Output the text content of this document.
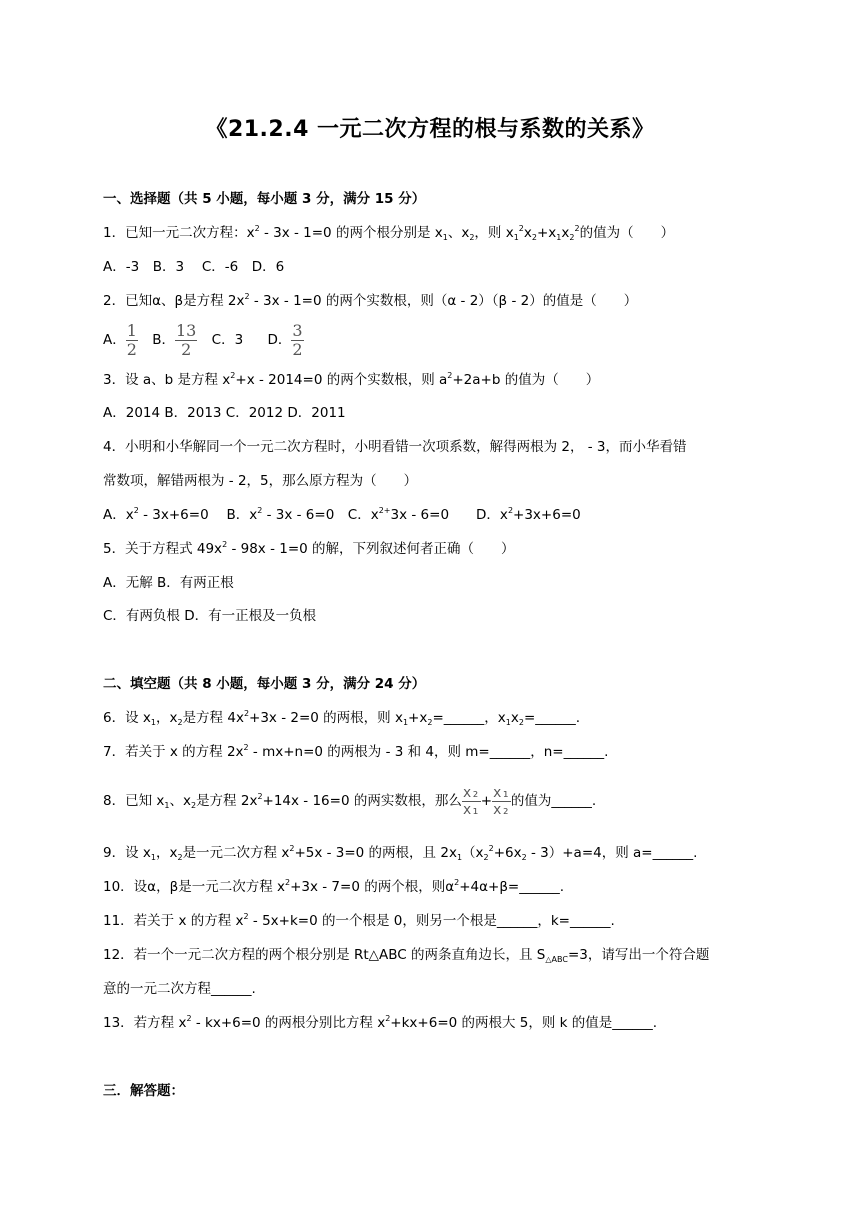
《21.2.4 一元二次方程的根与系数的关系》
一、选择题（共 5 小题，每小题 3 分，满分 15 分）
1．已知一元二次方程：$x^2 - 3x - 1=0$ 的两个根分别是 $x_1$、$x_2$，则 $x_1^2x_2+x_1x_2^2$的值为（　　）
A．-3　B．3　 C．-6　D．6
2．已知α、β是方程 $2x^2 - 3x - 1=0$ 的两个实数根，则（α - 2）（β - 2）的值是（　　）
A． $\frac{1}{2}$ B． $\frac{13}{2}$ C．3 D． $\frac{3}{2}$
3．设 a、b 是方程 $x^2+x - 2014=0$ 的两个实数根，则 $a^2+2a+b$ 的值为（　　）
A．2014 B．2013 C．2012 D．2011
4．小明和小华解同一个一元二次方程时，小明看错一次项系数，解得两根为 2， - 3，而小华看错
常数项，解错两根为 - 2，5，那么原方程为（　　）
A．$x^2 - 3x+6=0$　 B．$x^2 - 3x - 6=0$　C．$x^{2+}3x - 6=0$　　D．$x^2+3x+6=0$
5．关于方程式 $49x^2 - 98x - 1=0$ 的解，下列叙述何者正确（　　）
A．无解 B．有两正根
C．有两负根 D．有一正根及一负根
二、填空题（共 8 小题，每小题 3 分，满分 24 分）
6．设 $x_1$，$x_2$是方程 $4x^2+3x - 2=0$ 的两根，则 $x_1+x_2=\_\_\_\_\_\_$，$x_1x_2=\_\_\_\_\_\_$.
7．若关于 x 的方程 $2x^2 - mx+n=0$ 的两根为 - 3 和 4，则 m=______，n=______.
8．已知 $x_1$、$x_2$是方程 $2x^2+14x - 16=0$ 的两实数根，那么 $\frac{\text{x₂}}{\text{x₁}} + \frac{\text{x₁}}{\text{x₂}}$ 的值为______.
9．设 $x_1$，$x_2$是一元二次方程 $x^2+5x - 3=0$ 的两根，且 $2x_1(x_2^2+6x_2 - 3)+a=4$，则 a=______.
10．设α，β是一元二次方程 $x^2+3x - 7=0$ 的两个根，则$\alpha^2+4\alpha+\beta=\_\_\_\_\_\_$.
11．若关于 x 的方程 $x^2 - 5x+k=0$ 的一个根是 0，则另一个根是______，k=______.
12．若一个一元二次方程的两个根分别是 Rt△ABC 的两条直角边长，且 $S_{\triangle ABC}=3$，请写出一个符合题
意的一元二次方程______.
13．若方程 $x^2 - kx+6=0$ 的两根分别比方程 $x^2+kx+6=0$ 的两根大 5，则 k 的值是______.
三．解答题：
